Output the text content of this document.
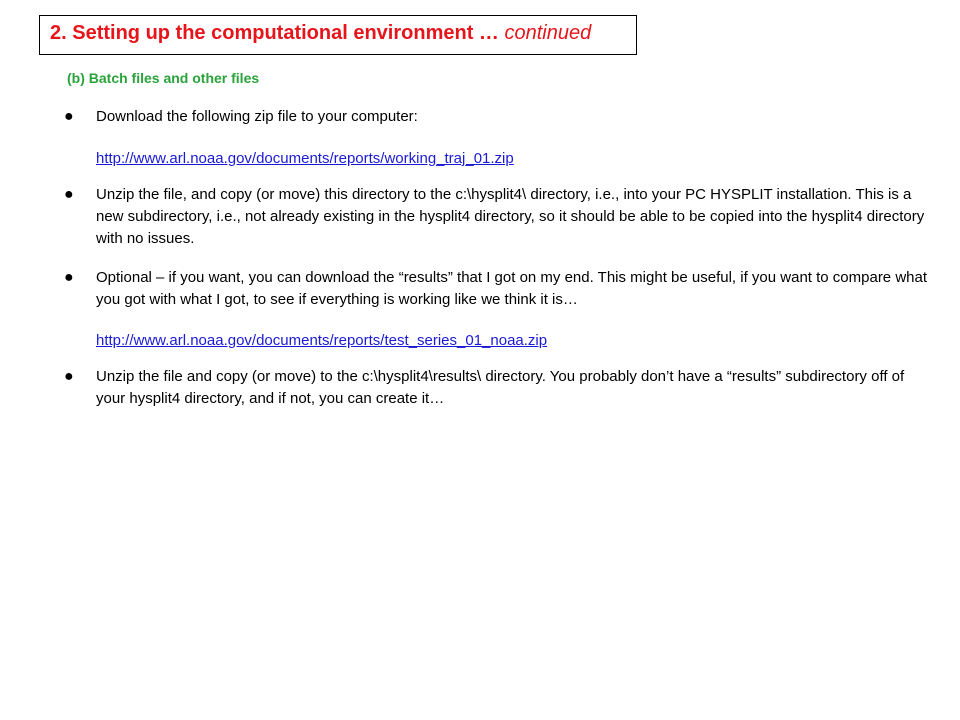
2. Setting up the computational environment … continued
(b) Batch files and other files
●	Download the following zip file to your computer:
http://www.arl.noaa.gov/documents/reports/working_traj_01.zip
●	Unzip the file, and copy (or move) this directory to the c:\hysplit4\ directory, i.e., into your PC HYSPLIT installation. This is a new subdirectory, i.e., not already existing in the hysplit4 directory, so it should be able to be copied into the hysplit4 directory with no issues.
●	Optional – if you want, you can download the “results” that I got on my end. This might be useful, if you want to compare what you got with what I got, to see if everything is working like we think it is…
http://www.arl.noaa.gov/documents/reports/test_series_01_noaa.zip
●	Unzip the file and copy (or move) to the c:\hysplit4\results\ directory. You probably don’t have a “results” subdirectory off of your hysplit4 directory, and if not, you can create it…
